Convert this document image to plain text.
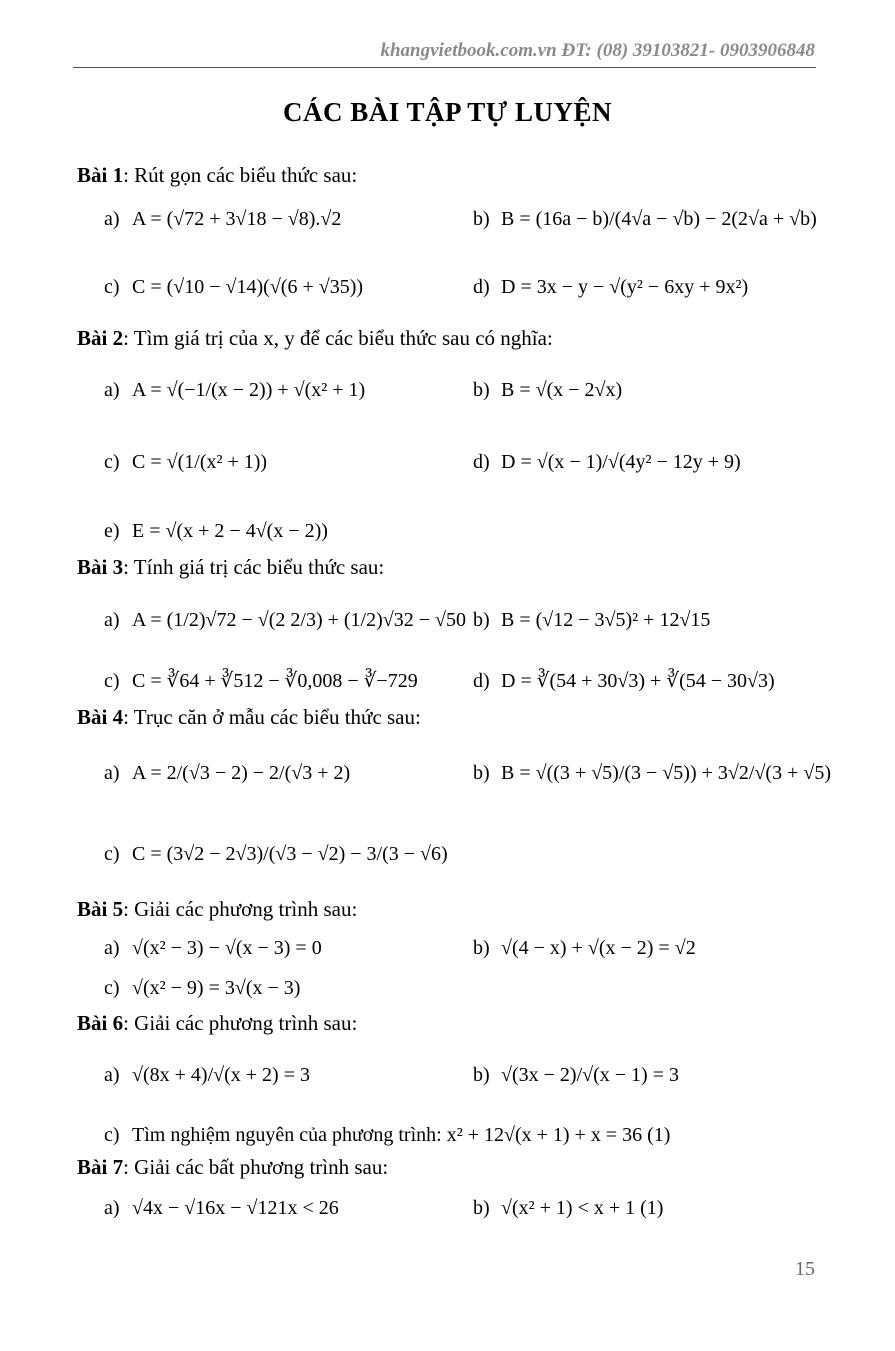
khangvietbook.com.vn ĐT: (08) 39103821- 0903906848
CÁC BÀI TẬP TỰ LUYỆN
Bài 1: Rút gọn các biểu thức sau:
a) A = (√72 + 3√18 − √8).√2	b) B = (16a − b)/(4√a − √b) − 2(2√a + √b)
c) C = (√10 − √14)(√(6 + √35))	d) D = 3x − y − √(y² − 6xy + 9x²)
Bài 2: Tìm giá trị của x, y để các biểu thức sau có nghĩa:
a) A = √(−1/(x − 2)) + √(x² + 1)	b) B = √(x − 2√x)
c) C = √(1/(x² + 1))	d) D = √(x − 1)/√(4y² − 12y + 9)
e) E = √(x + 2 − 4√(x − 2))
Bài 3: Tính giá trị các biểu thức sau:
a) A = (1/2)√72 − √(2 2/3) + (1/2)√32 − √50 b) B = (√12 − 3√5)² + 12√15
c) C = ∛64 + ∛512 − ∛0,008 − ∛−729	d) D = ∛(54 + 30√3) + ∛(54 − 30√3)
Bài 4: Trục căn ở mẫu các biểu thức sau:
a) A = 2/(√3 − 2) − 2/(√3 + 2)	b) B = √((3 + √5)/(3 − √5)) + 3√2/√(3 + √5)
c) C = (3√2 − 2√3)/(√3 − √2) − 3/(3 − √6)
Bài 5: Giải các phương trình sau:
a) √(x² − 3) − √(x − 3) = 0	b) √(4 − x) + √(x − 2) = √2
c) √(x² − 9) = 3√(x − 3)
Bài 6: Giải các phương trình sau:
a) √(8x + 4)/√(x + 2) = 3	b) √(3x − 2)/√(x − 1) = 3
c) Tìm nghiệm nguyên của phương trình: x² + 12√(x + 1) + x = 36 (1)
Bài 7: Giải các bất phương trình sau:
a) √4x − √16x − √121x < 26	b) √(x² + 1) < x + 1 (1)
15
